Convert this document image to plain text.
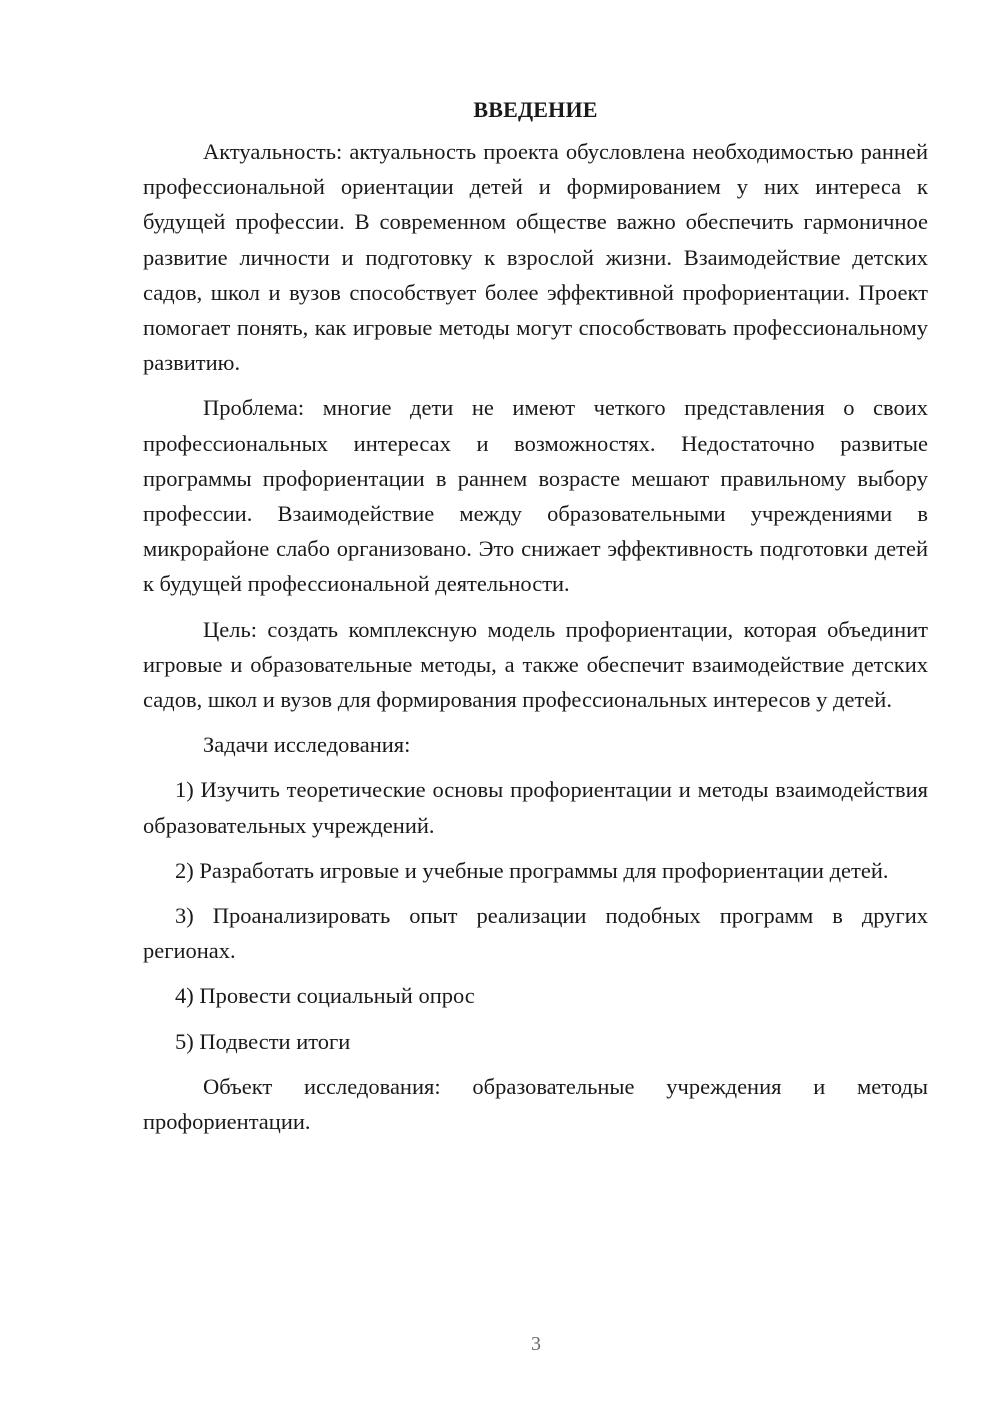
ВВЕДЕНИЕ

Актуальность: актуальность проекта обусловлена необходимостью ранней профессиональной ориентации детей и формированием у них интереса к будущей профессии. В современном обществе важно обеспечить гармоничное развитие личности и подготовку к взрослой жизни. Взаимодействие детских садов, школ и вузов способствует более эффективной профориентации. Проект помогает понять, как игровые методы могут способствовать профессиональному развитию.

Проблема: многие дети не имеют четкого представления о своих профессиональных интересах и возможностях. Недостаточно развитые программы профориентации в раннем возрасте мешают правильному выбору профессии. Взаимодействие между образовательными учреждениями в микрорайоне слабо организовано. Это снижает эффективность подготовки детей к будущей профессиональной деятельности.

Цель: создать комплексную модель профориентации, которая объединит игровые и образовательные методы, а также обеспечит взаимодействие детских садов, школ и вузов для формирования профессиональных интересов у детей.

Задачи исследования:

1) Изучить теоретические основы профориентации и методы взаимодействия образовательных учреждений.

2) Разработать игровые и учебные программы для профориентации детей.

3) Проанализировать опыт реализации подобных программ в других регионах.

4) Провести социальный опрос

5) Подвести итоги

Объект исследования: образовательные учреждения и методы профориентации.

3
